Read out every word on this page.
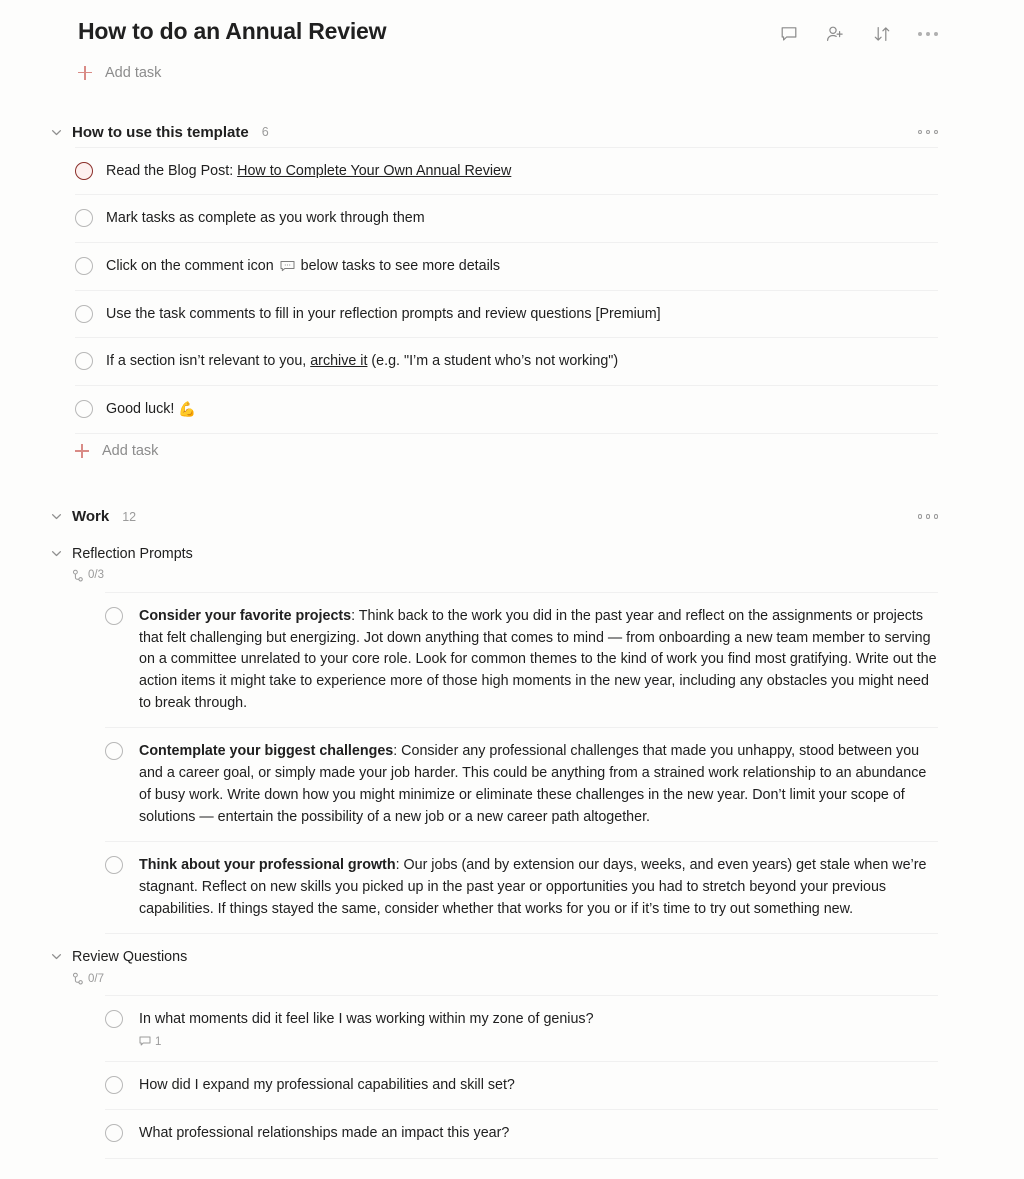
How to do an Annual Review
Add task
How to use this template 6
Read the Blog Post: How to Complete Your Own Annual Review
Mark tasks as complete as you work through them
Click on the comment icon
below tasks to see more details
Use the task comments to fill in your reflection prompts and review questions [Premium]
If a section isn’t relevant to you, archive it (e.g. "I’m a student who’s not working")
Good luck! 💪
Add task
Work 12
Reflection Prompts
0/3
Consider your favorite projects: Think back to the work you did in the past year and reflect on the assignments or projects that felt challenging but energizing. Jot down anything that comes to mind — from onboarding a new team member to serving on a committee unrelated to your core role. Look for common themes to the kind of work you find most gratifying. Write out the action items it might take to experience more of those high moments in the new year, including any obstacles you might need to break through.
Contemplate your biggest challenges: Consider any professional challenges that made you unhappy, stood between you and a career goal, or simply made your job harder. This could be anything from a strained work relationship to an abundance of busy work. Write down how you might minimize or eliminate these challenges in the new year. Don’t limit your scope of solutions — entertain the possibility of a new job or a new career path altogether.
Think about your professional growth: Our jobs (and by extension our days, weeks, and even years) get stale when we’re stagnant. Reflect on new skills you picked up in the past year or opportunities you had to stretch beyond your previous capabilities. If things stayed the same, consider whether that works for you or if it’s time to try out something new.
Review Questions
0/7
In what moments did it feel like I was working within my zone of genius?
1
How did I expand my professional capabilities and skill set?
What professional relationships made an impact this year?
